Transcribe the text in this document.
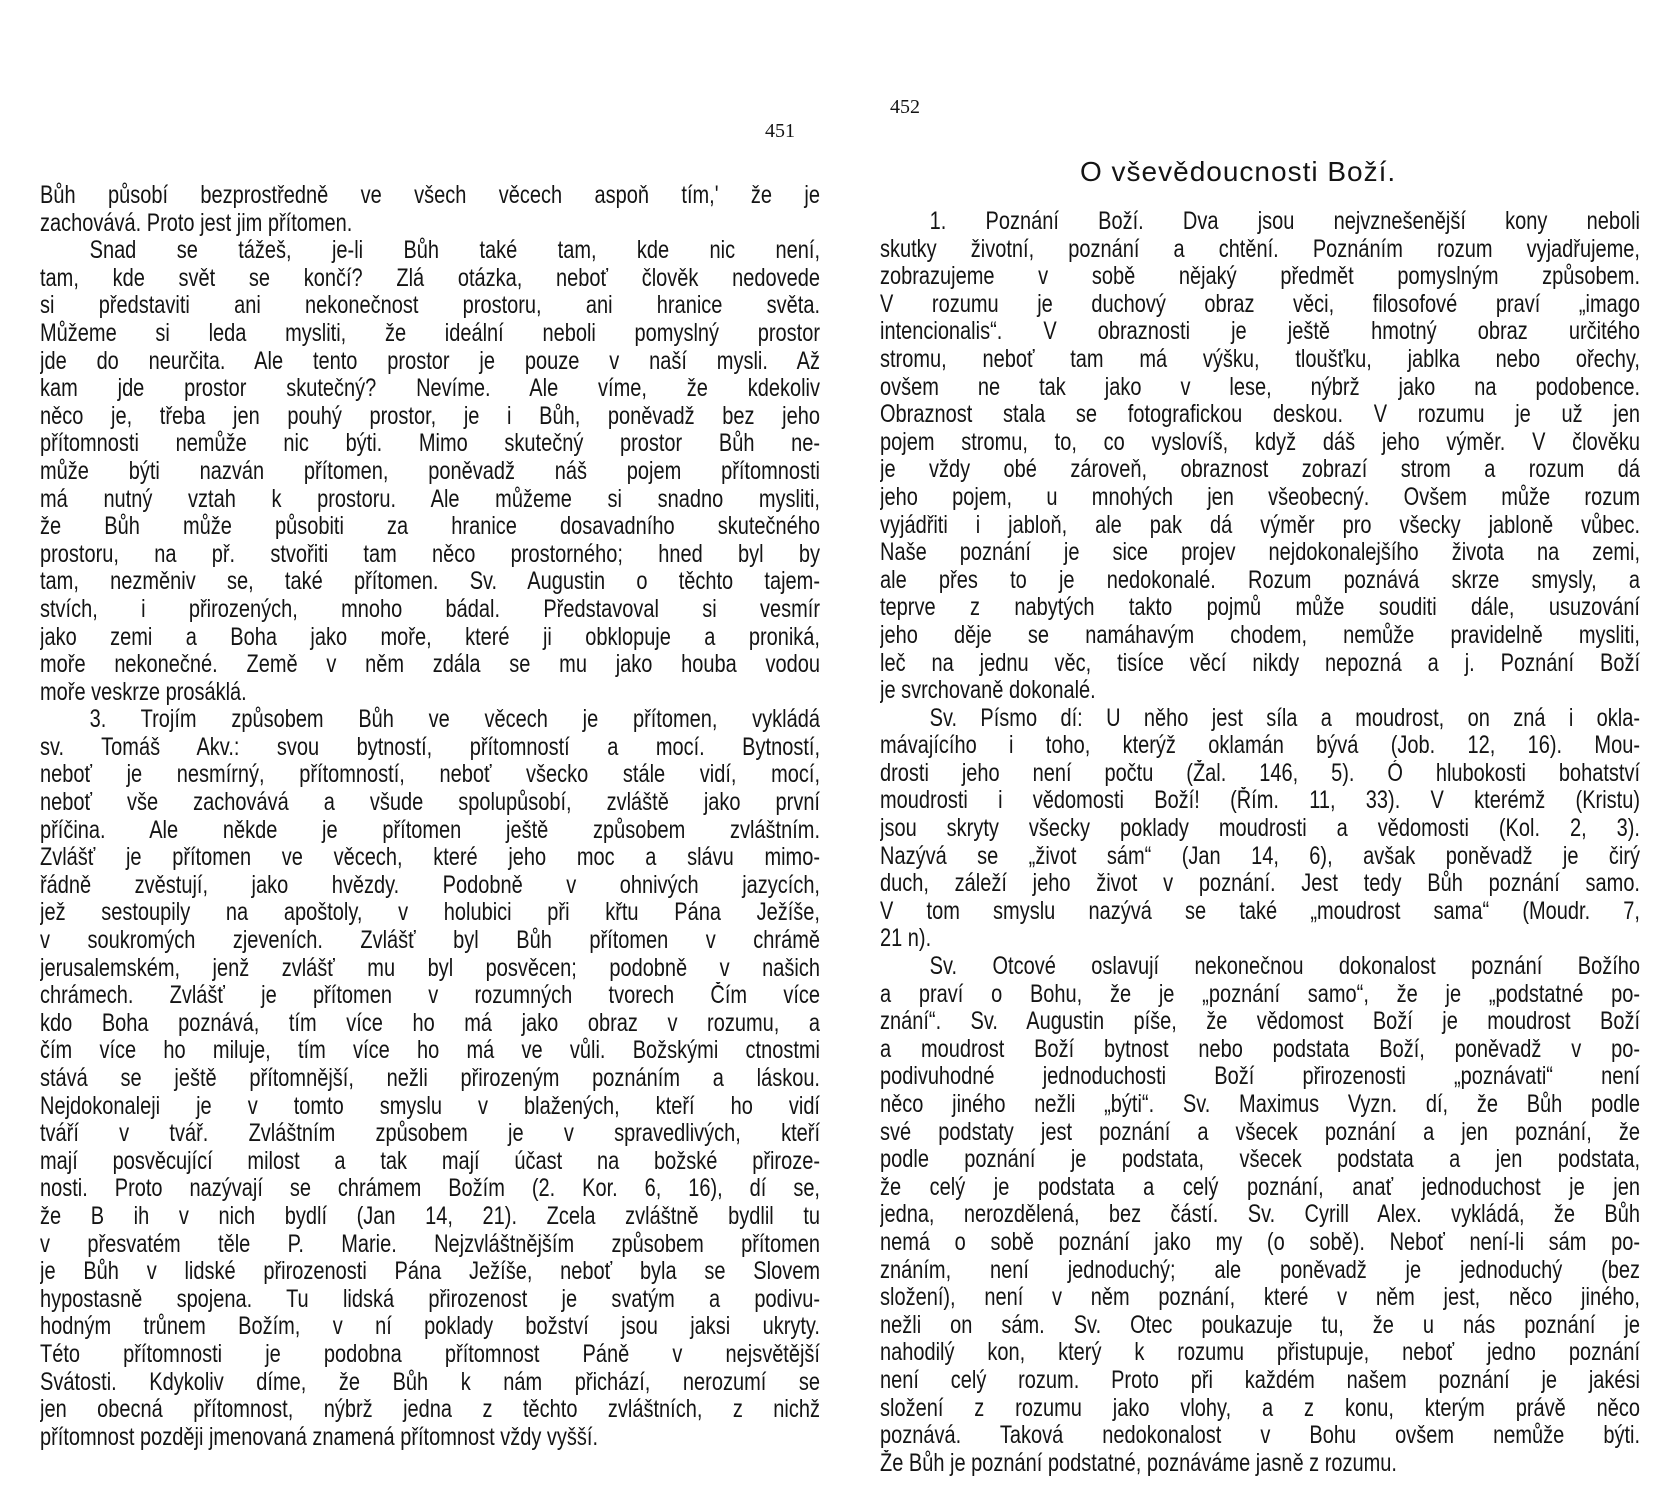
451
Bůh působí bezprostředně ve všech věcech aspoň tím,' že je
zachovává. Proto jest jim přítomen.
Snad se tážeš, je-li Bůh také tam, kde nic není,
tam, kde svět se končí? Zlá otázka, neboť člověk nedovede
si představiti ani nekonečnost prostoru, ani hranice světa.
Můžeme si leda mysliti, že ideální neboli pomyslný prostor
jde do neurčita. Ale tento prostor je pouze v naší mysli. Až
kam jde prostor skutečný? Nevíme. Ale víme, že kdekoliv
něco je, třeba jen pouhý prostor, je i Bůh, poněvadž bez jeho
přítomnosti nemůže nic býti. Mimo skutečný prostor Bůh ne-
může býti nazván přítomen, poněvadž náš pojem přítomnosti
má nutný vztah k prostoru. Ale můžeme si snadno mysliti,
že Bůh může působiti za hranice dosavadního skutečného
prostoru, na př. stvořiti tam něco prostorného; hned byl by
tam, nezměniv se, také přítomen. Sv. Augustin o těchto tajem-
stvích, i přirozených, mnoho bádal. Představoval si vesmír
jako zemi a Boha jako moře, které ji obklopuje a proniká,
moře nekonečné. Země v něm zdála se mu jako houba vodou
moře veskrze prosáklá.
3. Trojím způsobem Bůh ve věcech je přítomen, vykládá
sv. Tomáš Akv.: svou bytností, přítomností a mocí. Bytností,
neboť je nesmírný, přítomností, neboť všecko stále vidí, mocí,
neboť vše zachovává a všude spolupůsobí, zvláště jako první
příčina. Ale někde je přítomen ještě způsobem zvláštním.
Zvlášť je přítomen ve věcech, které jeho moc a slávu mimo-
řádně zvěstují, jako hvězdy. Podobně v ohnivých jazycích,
jež sestoupily na apoštoly, v holubici při křtu Pána Ježíše,
v soukromých zjeveních. Zvlášť byl Bůh přítomen v chrámě
jerusalemském, jenž zvlášť mu byl posvěcen; podobně v našich
chrámech. Zvlášť je přítomen v rozumných tvorech Čím více
kdo Boha poznává, tím více ho má jako obraz v rozumu, a
čím více ho miluje, tím více ho má ve vůli. Božskými ctnostmi
stává se ještě přítomnější, nežli přirozeným poznáním a láskou.
Nejdokonaleji je v tomto smyslu v blažených, kteří ho vidí
tváří v tvář. Zvláštním způsobem je v spravedlivých, kteří
mají posvěcující milost a tak mají účast na božské přiroze-
nosti. Proto nazývají se chrámem Božím (2. Kor. 6, 16), dí se,
že B ih v nich bydlí (Jan 14, 21). Zcela zvláštně bydlil tu
v přesvatém těle P. Marie. Nejzvláštnějším způsobem přítomen
je Bůh v lidské přirozenosti Pána Ježíše, neboť byla se Slovem
hypostasně spojena. Tu lidská přirozenost je svatým a podivu-
hodným trůnem Božím, v ní poklady božství jsou jaksi ukryty.
Této přítomnosti je podobna přítomnost Páně v nejsvětější
Svátosti. Kdykoliv díme, že Bůh k nám přichází, nerozumí se
jen obecná přítomnost, nýbrž jedna z těchto zvláštních, z nichž
přítomnost později jmenovaná znamená přítomnost vždy vyšší.
452
O vševědoucnosti Boží.
1. Poznání Boží. Dva jsou nejvznešenější kony neboli
skutky životní, poznání a chtění. Poznáním rozum vyjadřujeme,
zobrazujeme v sobě nějaký předmět pomyslným způsobem.
V rozumu je duchový obraz věci, filosofové praví „imago
intencionalis“. V obraznosti je ještě hmotný obraz určitého
stromu, neboť tam má výšku, tloušťku, jablka nebo ořechy,
ovšem ne tak jako v lese, nýbrž jako na podobence.
Obraznost stala se fotografickou deskou. V rozumu je už jen
pojem stromu, to, co vyslovíš, když dáš jeho výměr. V člověku
je vždy obé zároveň, obraznost zobrazí strom a rozum dá
jeho pojem, u mnohých jen všeobecný. Ovšem může rozum
vyjádřiti i jabloň, ale pak dá výměr pro všecky jabloně vůbec.
Naše poznání je sice projev nejdokonalejšího života na zemi,
ale přes to je nedokonalé. Rozum poznává skrze smysly, a
teprve z nabytých takto pojmů může souditi dále, usuzování
jeho děje se namáhavým chodem, nemůže pravidelně mysliti,
leč na jednu věc, tisíce věcí nikdy nepozná a j. Poznání Boží
je svrchovaně dokonalé.
Sv. Písmo dí: U něho jest síla a moudrost, on zná i okla-
mávajícího i toho, kterýž oklamán bývá (Job. 12, 16). Mou-
drosti jeho není počtu (Žal. 146, 5). Ó hlubokosti bohatství
moudrosti i vědomosti Boží! (Řím. 11, 33). V kterémž (Kristu)
jsou skryty všecky poklady moudrosti a vědomosti (Kol. 2, 3).
Nazývá se „život sám“ (Jan 14, 6), avšak poněvadž je čirý
duch, záleží jeho život v poznání. Jest tedy Bůh poznání samo.
V tom smyslu nazývá se také „moudrost sama“ (Moudr. 7,
21 n).
Sv. Otcové oslavují nekonečnou dokonalost poznání Božího
a praví o Bohu, že je „poznání samo“, že je „podstatné po-
znání“. Sv. Augustin píše, že vědomost Boží je moudrost Boží
a moudrost Boží bytnost nebo podstata Boží, poněvadž v po-
podivuhodné jednoduchosti Boží přirozenosti „poznávati“ není
něco jiného nežli „býti“. Sv. Maximus Vyzn. dí, že Bůh podle
své podstaty jest poznání a všecek poznání a jen poznání, že
podle poznání je podstata, všecek podstata a jen podstata,
že celý je podstata a celý poznání, anať jednoduchost je jen
jedna, nerozdělená, bez částí. Sv. Cyrill Alex. vykládá, že Bůh
nemá o sobě poznání jako my (o sobě). Neboť není-li sám po-
znáním, není jednoduchý; ale poněvadž je jednoduchý (bez
složení), není v něm poznání, které v něm jest, něco jiného,
nežli on sám. Sv. Otec poukazuje tu, že u nás poznání je
nahodilý kon, který k rozumu přistupuje, neboť jedno poznání
není celý rozum. Proto při každém našem poznání je jakési
složení z rozumu jako vlohy, a z konu, kterým právě něco
poznává. Taková nedokonalost v Bohu ovšem nemůže býti.
Že Bůh je poznání podstatné, poznáváme jasně z rozumu.
